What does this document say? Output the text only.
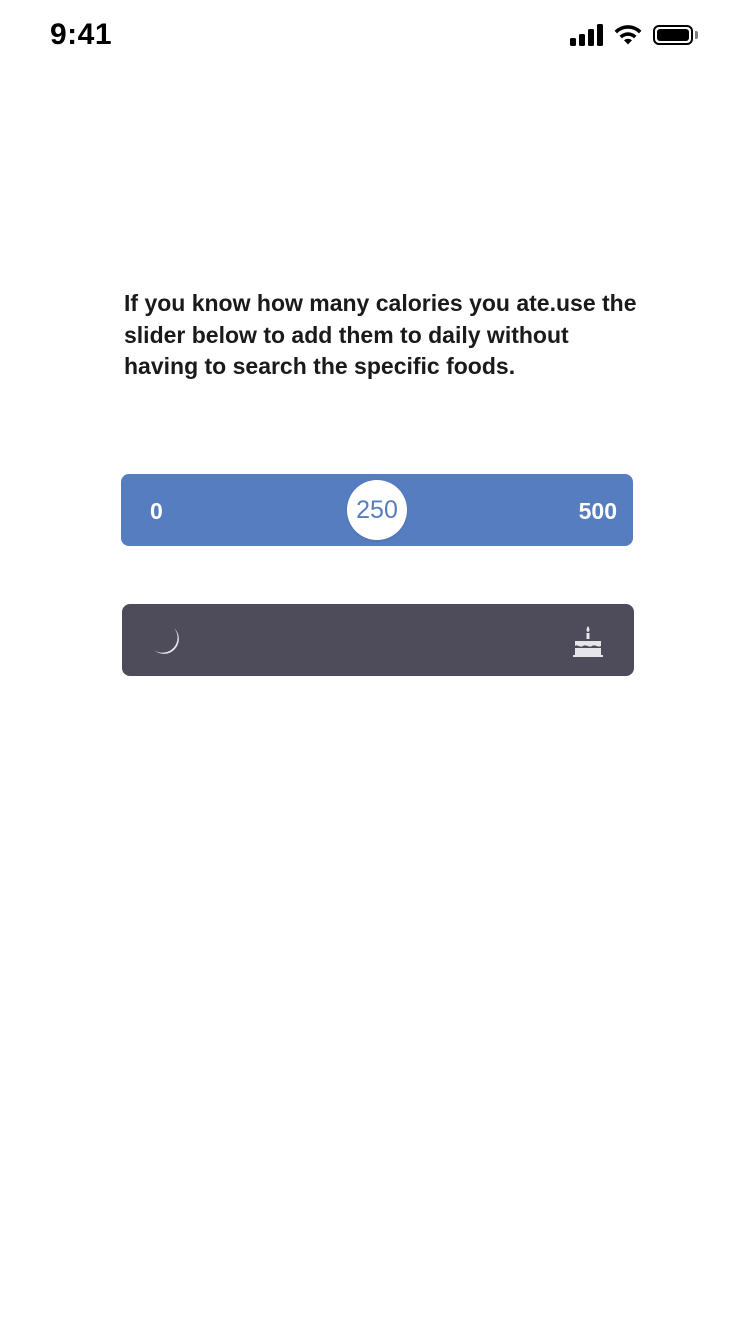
9:41

If you know how many calories you ate.use the slider below to add them to daily without having to search the specific foods.

0	250	500
